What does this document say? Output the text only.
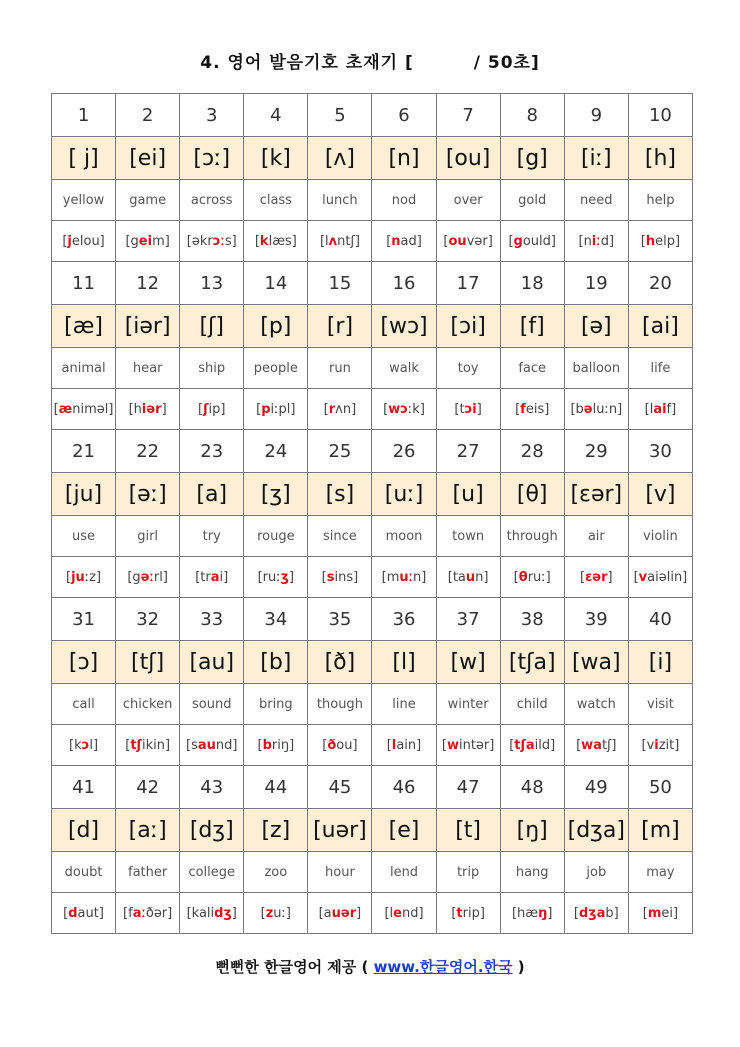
4. 영어 발음기호 초재기 [	/ 50초]
1	2	3	4	5	6	7	8	9	10
[ j]	[ei]	[ɔː]	[k]	[ʌ]	[n]	[ou]	[g]	[iː]	[h]
yellow	game	across	class	lunch	nod	over	gold	need	help
[jelou]	[geim]	[əkrɔːs]	[klæs]	[lʌntʃ]	[nad]	[ouvər]	[gould]	[niːd]	[help]
11	12	13	14	15	16	17	18	19	20
[æ]	[iər]	[ʃ]	[p]	[r]	[wɔ]	[ɔi]	[f]	[ə]	[ai]
animal	hear	ship	people	run	walk	toy	face	balloon	life
[æniməl]	[hiər]	[ʃip]	[piːpl]	[rʌn]	[wɔːk]	[tɔi]	[feis]	[bəluːn]	[laif]
21	22	23	24	25	26	27	28	29	30
[ju]	[əː]	[a]	[ʒ]	[s]	[uː]	[u]	[θ]	[εər]	[v]
use	girl	try	rouge	since	moon	town	through	air	violin
[juːz]	[gəːrl]	[trai]	[ruːʒ]	[sins]	[muːn]	[taun]	[θruː]	[εər]	[vaiəlin]
31	32	33	34	35	36	37	38	39	40
[ɔ]	[tʃ]	[au]	[b]	[ð]	[l]	[w]	[tʃa]	[wa]	[i]
call	chicken	sound	bring	though	line	winter	child	watch	visit
[kɔl]	[tʃikin]	[saund]	[briŋ]	[ðou]	[lain]	[wintər]	[tʃaild]	[watʃ]	[vizit]
41	42	43	44	45	46	47	48	49	50
[d]	[aː]	[dʒ]	[z]	[uər]	[e]	[t]	[ŋ]	[dʒa]	[m]
doubt	father	college	zoo	hour	lend	trip	hang	job	may
[daut]	[faːðər]	[kalidʒ]	[zuː]	[auər]	[lend]	[trip]	[hæŋ]	[dʒab]	[mei]
뻔뻔한 한글영어 제공 ( www.한글영어.한국 )
